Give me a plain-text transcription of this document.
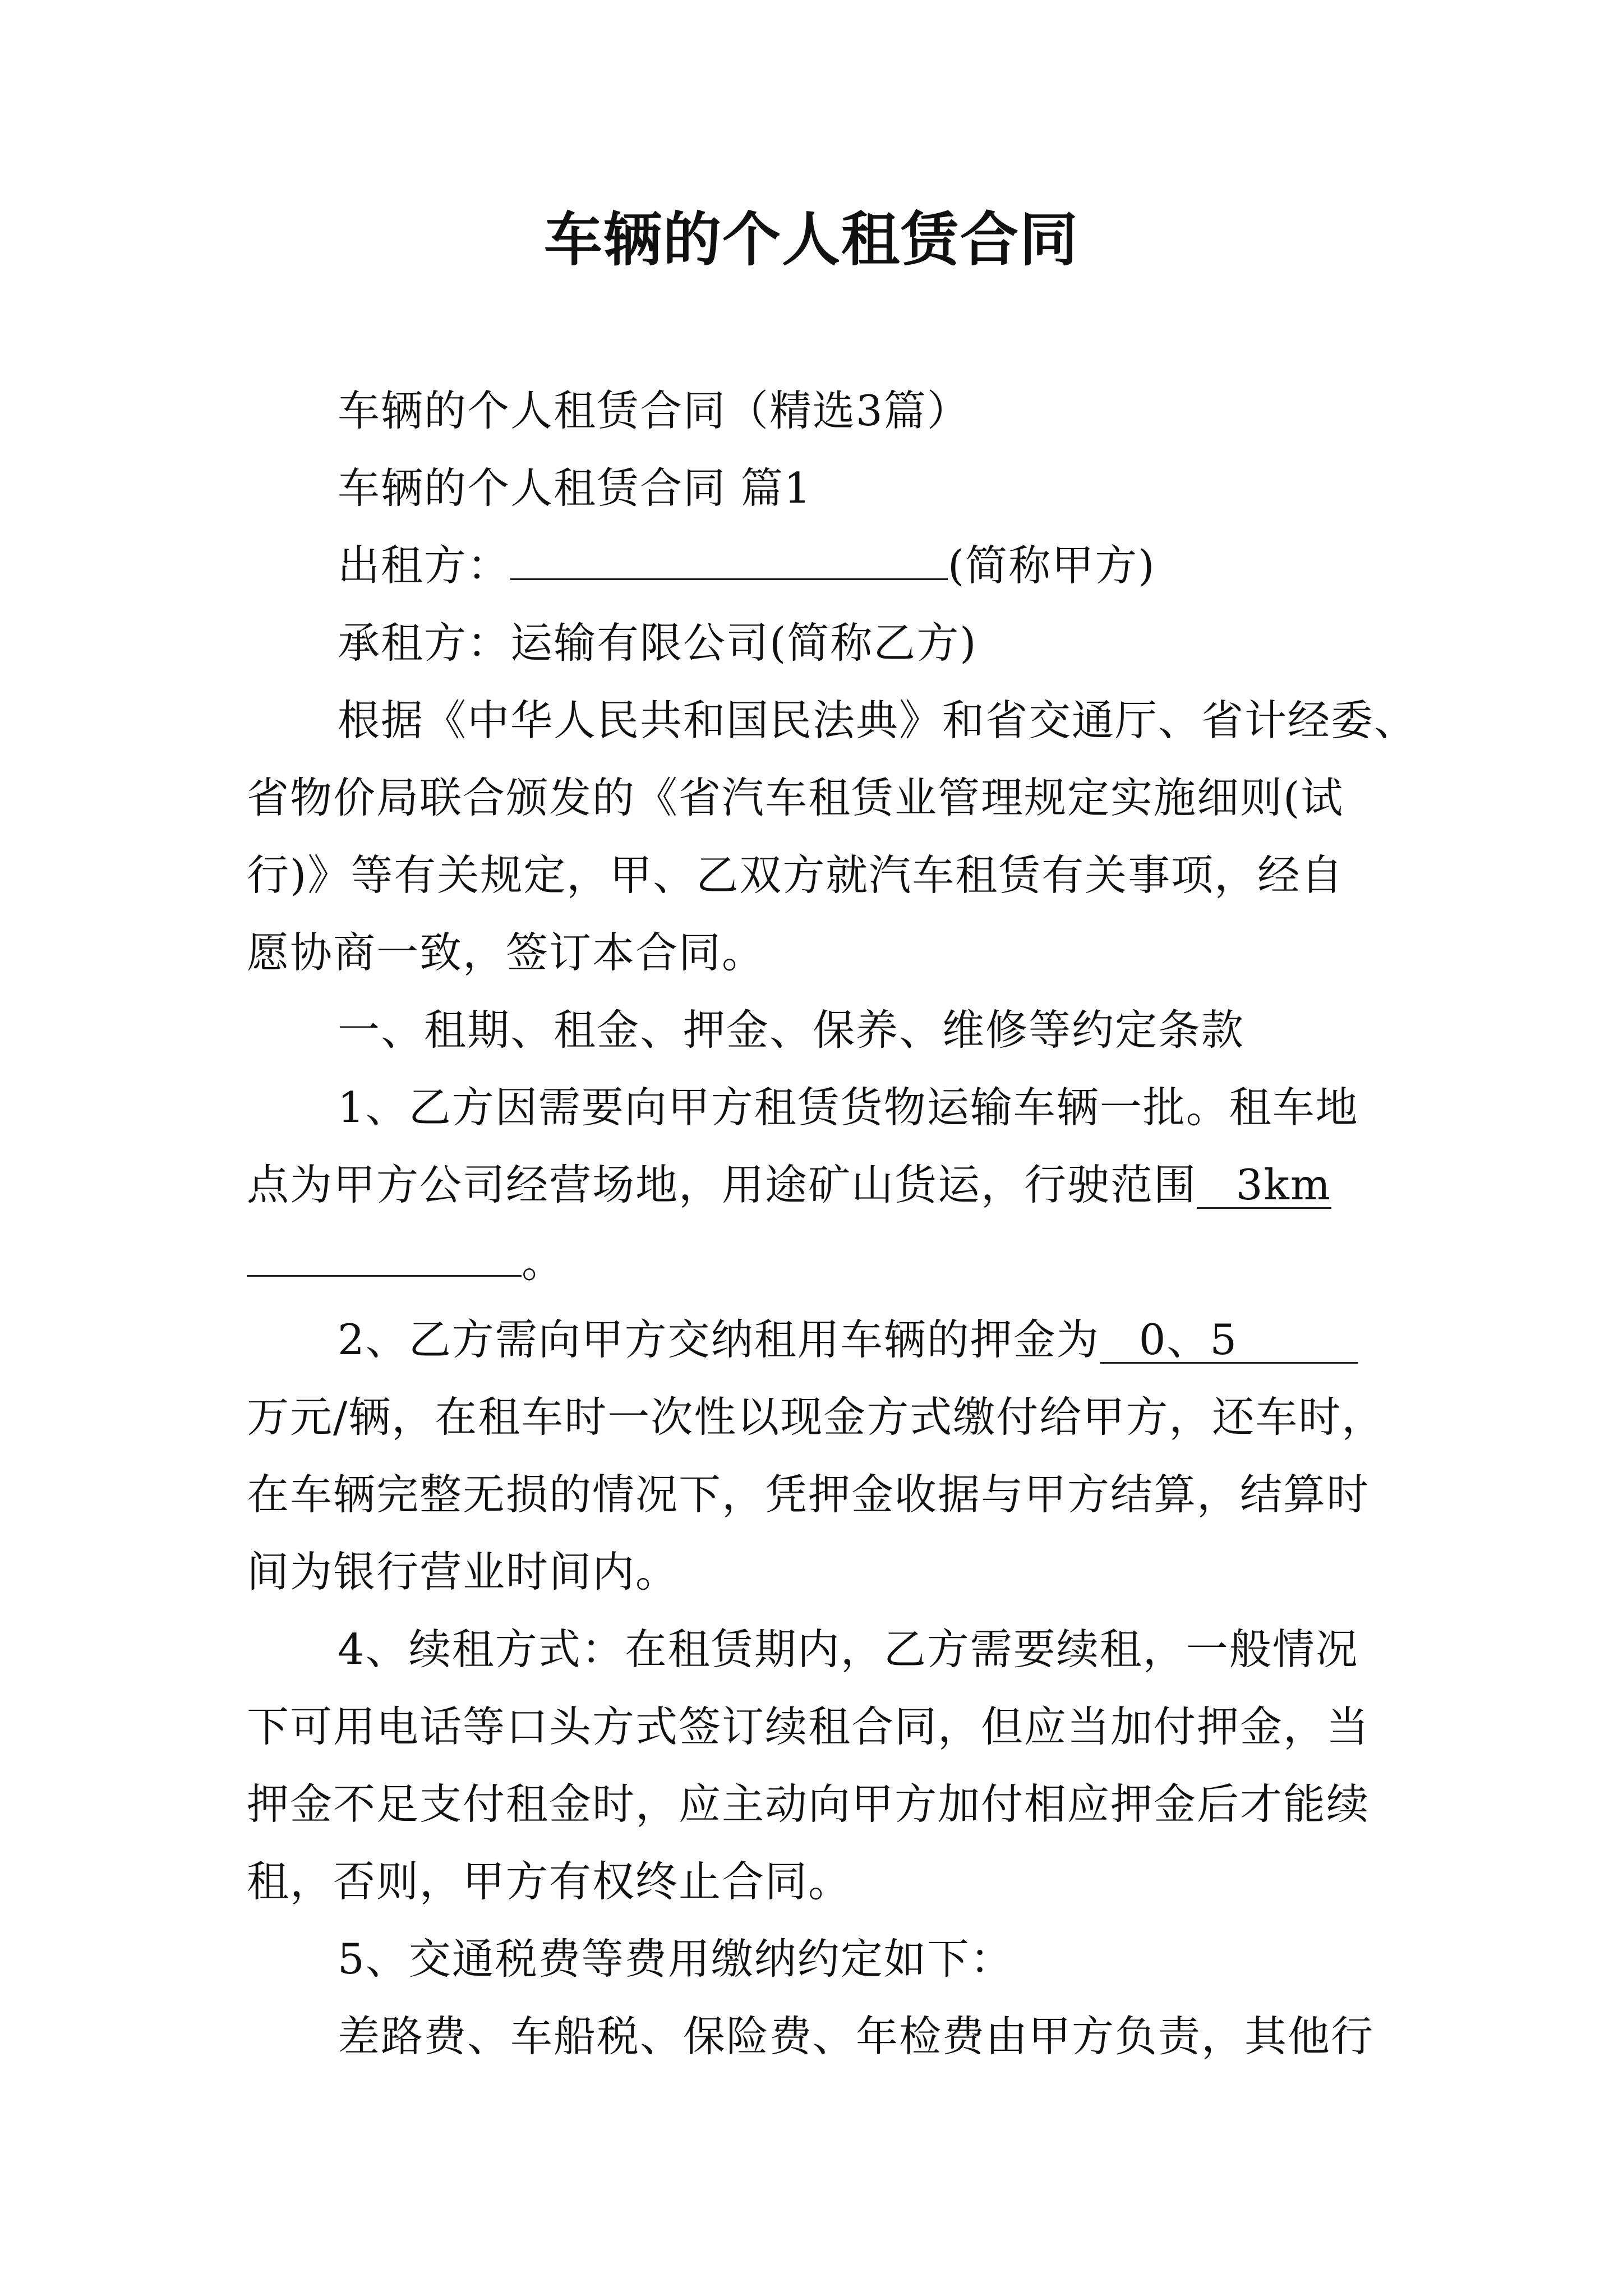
车辆的个人租赁合同
车辆的个人租赁合同（精选3篇）
车辆的个人租赁合同 篇1
出租方：	(简称甲方)
承租方：运输有限公司(简称乙方)
根据《中华人民共和国民法典》和省交通厅、省计经委、
省物价局联合颁发的《省汽车租赁业管理规定实施细则(试
行)》等有关规定，甲、乙双方就汽车租赁有关事项，经自
愿协商一致，签订本合同。
一、租期、租金、押金、保养、维修等约定条款
1、乙方因需要向甲方租赁货物运输车辆一批。租车地
点为甲方公司经营场地，用途矿山货运，行驶范围 3km
。
2、乙方需向甲方交纳租用车辆的押金为 0、5
万元/辆，在租车时一次性以现金方式缴付给甲方，还车时，
在车辆完整无损的情况下，凭押金收据与甲方结算，结算时
间为银行营业时间内。
4、续租方式：在租赁期内，乙方需要续租，一般情况
下可用电话等口头方式签订续租合同，但应当加付押金，当
押金不足支付租金时，应主动向甲方加付相应押金后才能续
租，否则，甲方有权终止合同。
5、交通税费等费用缴纳约定如下：
差路费、车船税、保险费、年检费由甲方负责，其他行
